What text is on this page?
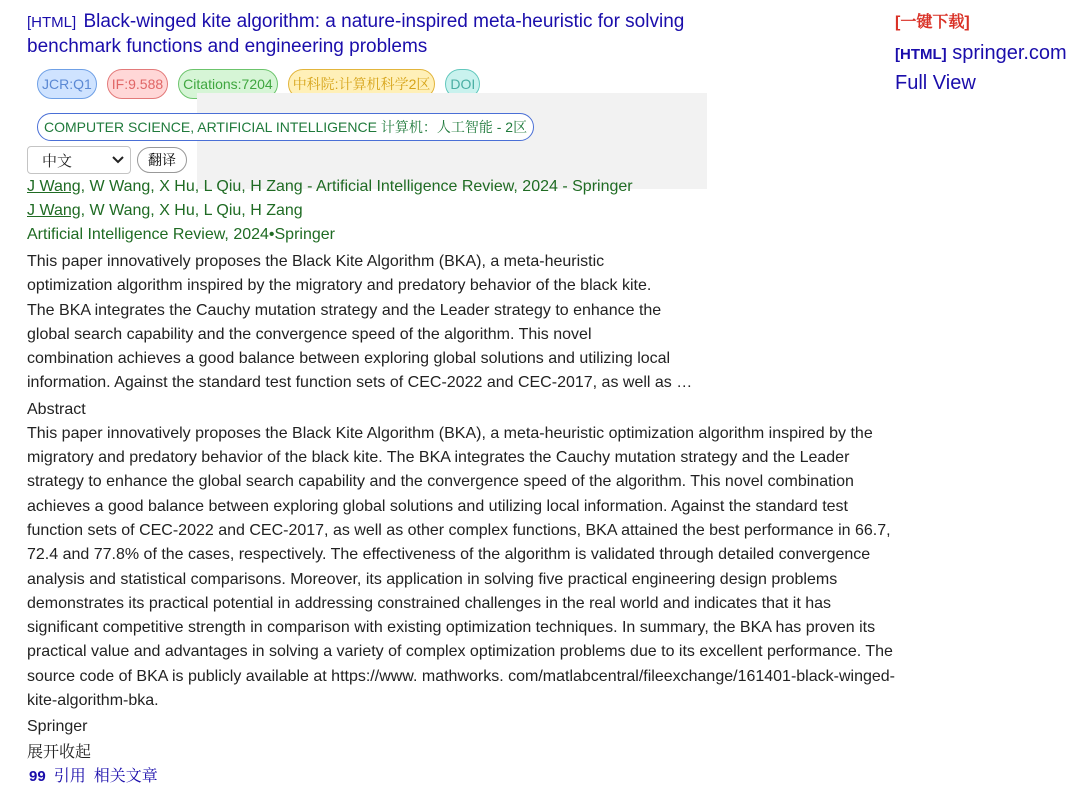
[HTML] Black-winged kite algorithm: a nature-inspired meta-heuristic for solving
benchmark functions and engineering problems
JCR:Q1	IF:9.588	Citations:7204	中科院:计算机科学2区	DOI
COMPUTER SCIENCE, ARTIFICIAL INTELLIGENCE 计算机：人工智能 - 2区
中文	翻译
J Wang, W Wang, X Hu, L Qiu, H Zang - Artificial Intelligence Review, 2024 - Springer
J Wang, W Wang, X Hu, L Qiu, H Zang
Artificial Intelligence Review, 2024•Springer

This paper innovatively proposes the Black Kite Algorithm (BKA), a meta-heuristic

optimization algorithm inspired by the migratory and predatory behavior of the black kite.

The BKA integrates the Cauchy mutation strategy and the Leader strategy to enhance the

global search capability and the convergence speed of the algorithm. This novel

combination achieves a good balance between exploring global solutions and utilizing local

information. Against the standard test function sets of CEC-2022 and CEC-2017, as well as …

Abstract
This paper innovatively proposes the Black Kite Algorithm (BKA), a meta-heuristic optimization algorithm inspired by the
migratory and predatory behavior of the black kite. The BKA integrates the Cauchy mutation strategy and the Leader
strategy to enhance the global search capability and the convergence speed of the algorithm. This novel combination
achieves a good balance between exploring global solutions and utilizing local information. Against the standard test
function sets of CEC-2022 and CEC-2017, as well as other complex functions, BKA attained the best performance in 66.7,
72.4 and 77.8% of the cases, respectively. The effectiveness of the algorithm is validated through detailed convergence
analysis and statistical comparisons. Moreover, its application in solving five practical engineering design problems
demonstrates its practical potential in addressing constrained challenges in the real world and indicates that it has
significant competitive strength in comparison with existing optimization techniques. In summary, the BKA has proven its
practical value and advantages in solving a variety of complex optimization problems due to its excellent performance. The
source code of BKA is publicly available at https://www. mathworks. com/matlabcentral/fileexchange/161401-black-winged-
kite-algorithm-bka.
Springer
展开收起
99 引用 相关文章
[一键下载]
[HTML] springer.com
Full View
